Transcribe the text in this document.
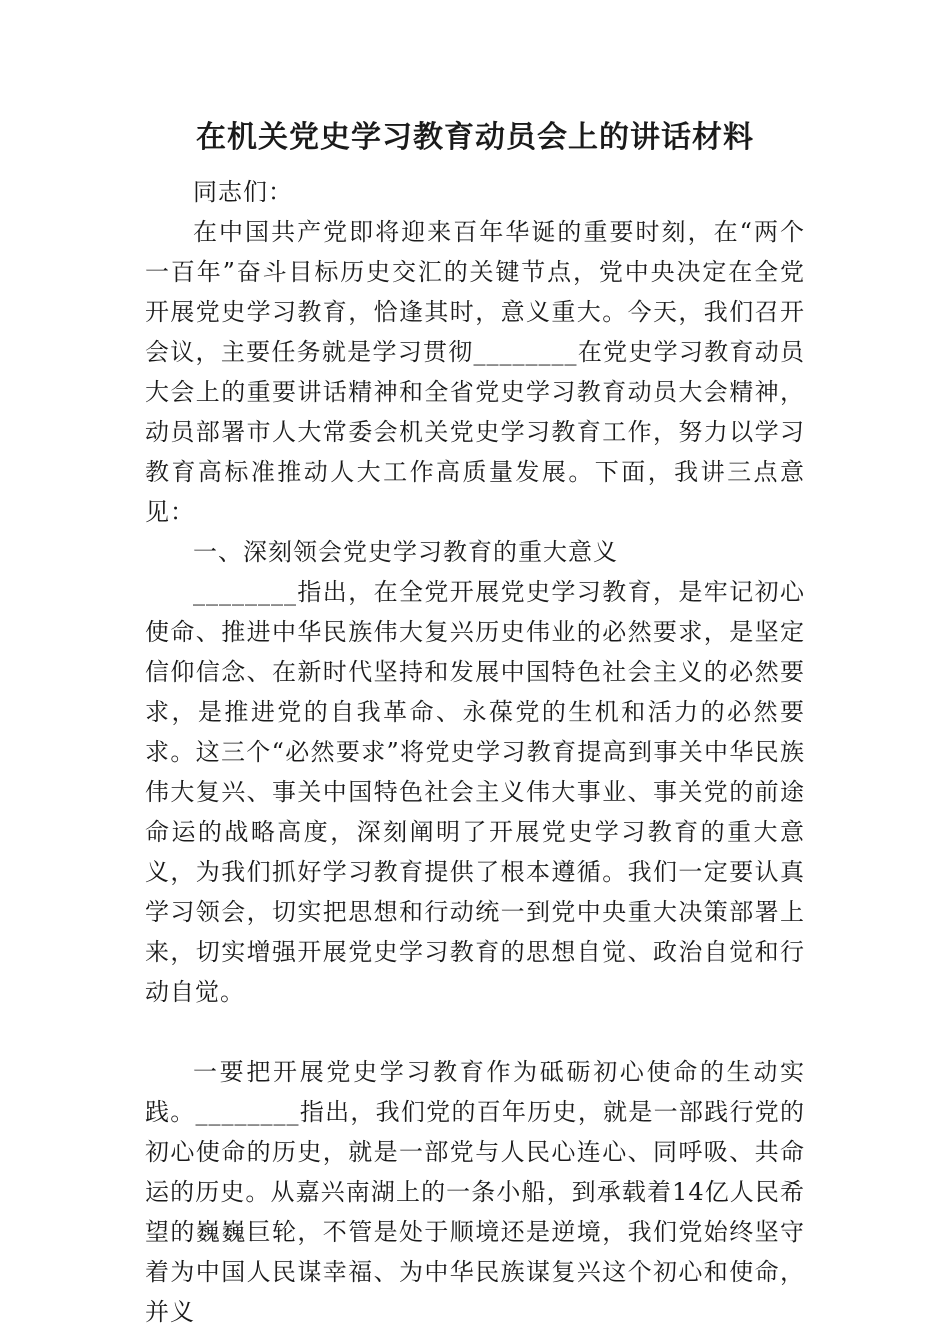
在机关党史学习教育动员会上的讲话材料

同志们：

在中国共产党即将迎来百年华诞的重要时刻，在“两个一百年”奋斗目标历史交汇的关键节点，党中央决定在全党开展党史学习教育，恰逢其时，意义重大。今天，我们召开会议，主要任务就是学习贯彻________在党史学习教育动员大会上的重要讲话精神和全省党史学习教育动员大会精神，动员部署市人大常委会机关党史学习教育工作，努力以学习教育高标准推动人大工作高质量发展。下面，我讲三点意见：

一、深刻领会党史学习教育的重大意义

________指出，在全党开展党史学习教育，是牢记初心使命、推进中华民族伟大复兴历史伟业的必然要求，是坚定信仰信念、在新时代坚持和发展中国特色社会主义的必然要求，是推进党的自我革命、永葆党的生机和活力的必然要求。这三个“必然要求”将党史学习教育提高到事关中华民族伟大复兴、事关中国特色社会主义伟大事业、事关党的前途命运的战略高度，深刻阐明了开展党史学习教育的重大意义，为我们抓好学习教育提供了根本遵循。我们一定要认真学习领会，切实把思想和行动统一到党中央重大决策部署上来，切实增强开展党史学习教育的思想自觉、政治自觉和行动自觉。

一要把开展党史学习教育作为砥砺初心使命的生动实践。________指出，我们党的百年历史，就是一部践行党的初心使命的历史，就是一部党与人民心连心、同呼吸、共命运的历史。从嘉兴南湖上的一条小船，到承载着14亿人民希望的巍巍巨轮，不管是处于顺境还是逆境，我们党始终坚守着为中国人民谋幸福、为中华民族谋复兴这个初心和使命，并义
